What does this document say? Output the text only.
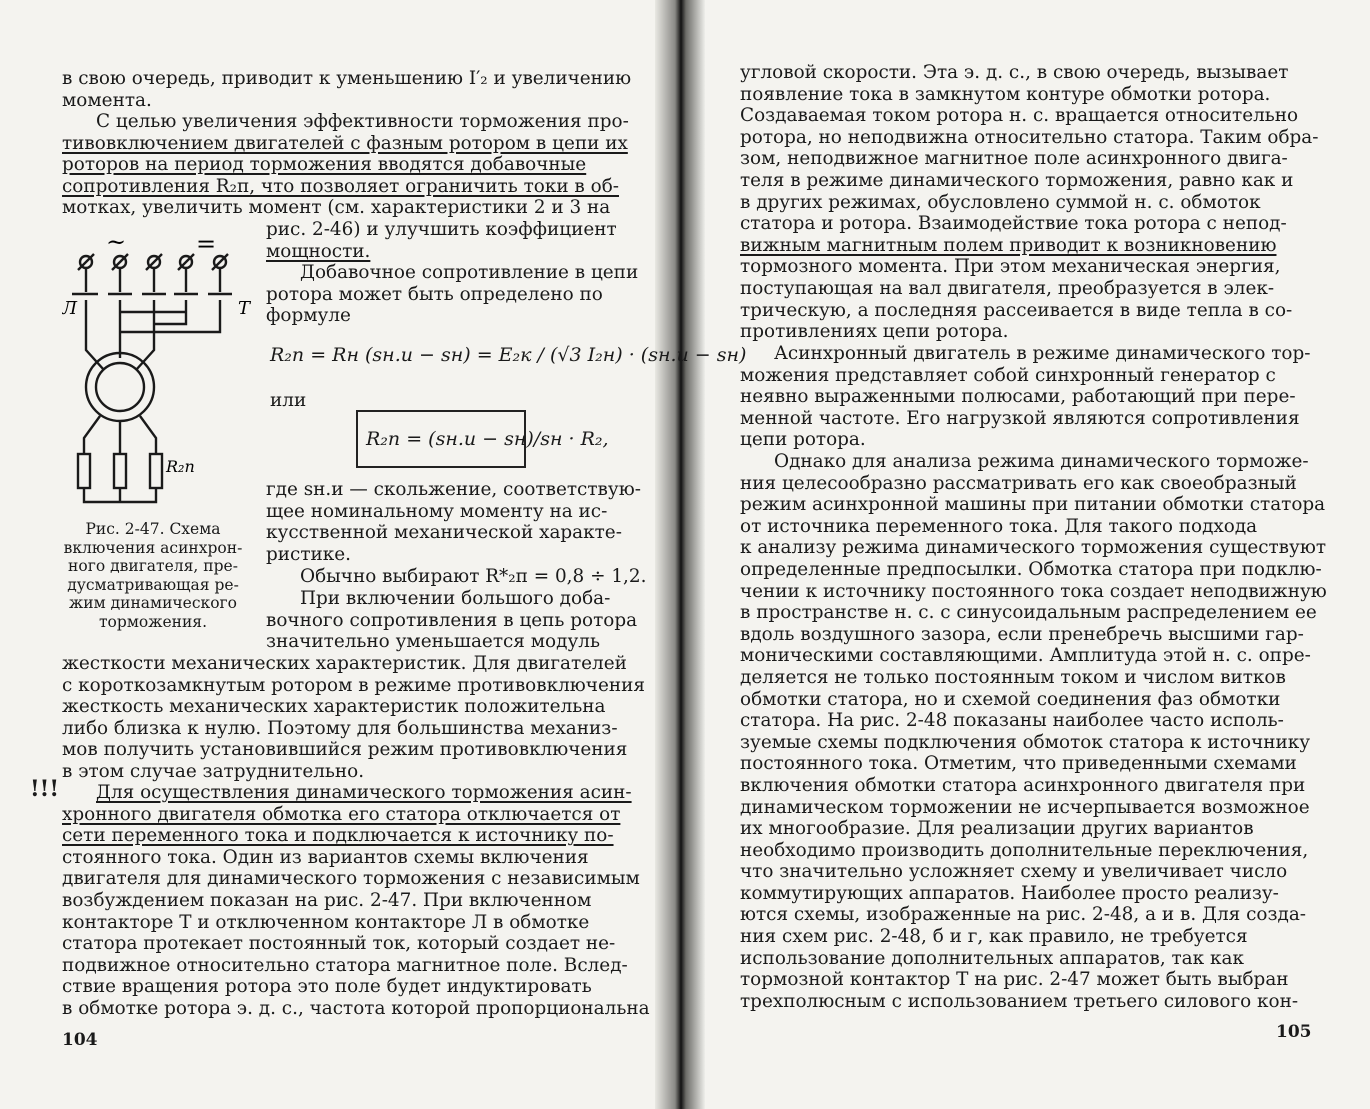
в свою очередь, приводит к уменьшению I′₂ и увеличению
момента.
С целью увеличения эффективности торможения про-
тивовключением двигателей с фазным ротором в цепи их
роторов на период торможения вводятся добавочные
сопротивления R₂п, что позволяет ограничить токи в об-
мотках, увеличить момент (см. характеристики 2 и 3 на
рис. 2-46) и улучшить коэффициент
мощности.
~	=
Л	Т
R₂п
Добавочное сопротивление в цепи
ротора может быть определено по
формуле
R₂п = Rн (sн.и − sн) = E₂к / (√3 I₂н) · (sн.и − sн)
или
R₂п = (sн.и − sн)/sн · R₂,
где sн.и — скольжение, соответствую-
щее номинальному моменту на ис-
кусственной механической характе-
ристике.
Обычно выбирают R*₂п = 0,8 ÷ 1,2.
При включении большого доба-
вочного сопротивления в цепь ротора
значительно уменьшается модуль
Рис. 2-47. Схема
включения асинхрон-
ного двигателя, пре-
дусматривающая ре-
жим динамического
торможения.
жесткости механических характеристик. Для двигателей
с короткозамкнутым ротором в режиме противовключения
жесткость механических характеристик положительна
либо близка к нулю. Поэтому для большинства механиз-
мов получить установившийся режим противовключения
в этом случае затруднительно.
!!!	Для осуществления динамического торможения асин-
хронного двигателя обмотка его статора отключается от
сети переменного тока и подключается к источнику по-
стоянного тока. Один из вариантов схемы включения
двигателя для динамического торможения с независимым
возбуждением показан на рис. 2-47. При включенном
контакторе Т и отключенном контакторе Л в обмотке
статора протекает постоянный ток, который создает не-
подвижное относительно статора магнитное поле. Вслед-
ствие вращения ротора это поле будет индуктировать
в обмотке ротора э. д. с., частота которой пропорциональна
104
угловой скорости. Эта э. д. с., в свою очередь, вызывает
появление тока в замкнутом контуре обмотки ротора.
Создаваемая током ротора н. с. вращается относительно
ротора, но неподвижна относительно статора. Таким обра-
зом, неподвижное магнитное поле асинхронного двига-
теля в режиме динамического торможения, равно как и
в других режимах, обусловлено суммой н. с. обмоток
статора и ротора. Взаимодействие тока ротора с непод-
вижным магнитным полем приводит к возникновению
тормозного момента. При этом механическая энергия,
поступающая на вал двигателя, преобразуется в элек-
трическую, а последняя рассеивается в виде тепла в со-
противлениях цепи ротора.
Асинхронный двигатель в режиме динамического тор-
можения представляет собой синхронный генератор с
неявно выраженными полюсами, работающий при пере-
менной частоте. Его нагрузкой являются сопротивления
цепи ротора.
Однако для анализа режима динамического торможе-
ния целесообразно рассматривать его как своеобразный
режим асинхронной машины при питании обмотки статора
от источника переменного тока. Для такого подхода
к анализу режима динамического торможения существуют
определенные предпосылки. Обмотка статора при подклю-
чении к источнику постоянного тока создает неподвижную
в пространстве н. с. с синусоидальным распределением ее
вдоль воздушного зазора, если пренебречь высшими гар-
моническими составляющими. Амплитуда этой н. с. опре-
деляется не только постоянным током и числом витков
обмотки статора, но и схемой соединения фаз обмотки
статора. На рис. 2-48 показаны наиболее часто исполь-
зуемые схемы подключения обмоток статора к источнику
постоянного тока. Отметим, что приведенными схемами
включения обмотки статора асинхронного двигателя при
динамическом торможении не исчерпывается возможное
их многообразие. Для реализации других вариантов
необходимо производить дополнительные переключения,
что значительно усложняет схему и увеличивает число
коммутирующих аппаратов. Наиболее просто реализу-
ются схемы, изображенные на рис. 2-48, а и в. Для созда-
ния схем рис. 2-48, б и г, как правило, не требуется
использование дополнительных аппаратов, так как
тормозной контактор Т на рис. 2-47 может быть выбран
трехполюсным с использованием третьего силового кон-
105
